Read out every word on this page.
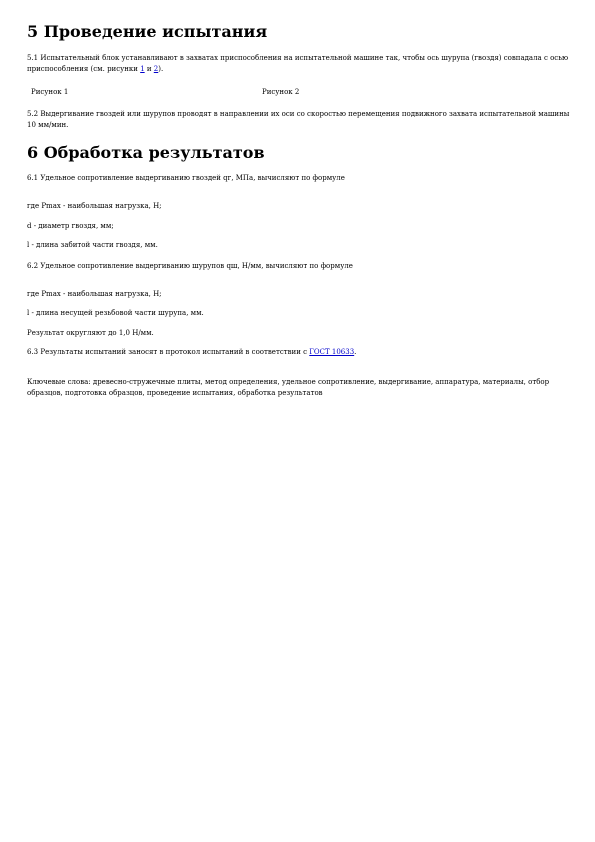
5 Проведение испытания

5.1 Испытательный блок устанавливают в захватах приспособления на испытательной машине так, чтобы ось шурупа (гвоздя) совпадала с осью приспособления (см. рисунки 1 и 2).

Рисунок 1	Рисунок 2

5.2 Выдергивание гвоздей или шурупов проводят в направлении их оси со скоростью перемещения подвижного захвата испытательной машины 10 мм/мин.

6 Обработка результатов

6.1 Удельное сопротивление выдергиванию гвоздей qг, МПа, вычисляют по формуле

где Pmax - наибольшая нагрузка, Н;

d - диаметр гвоздя, мм;

l - длина забитой части гвоздя, мм.

6.2 Удельное сопротивление выдергиванию шурупов qш, Н/мм, вычисляют по формуле

где Pmax - наибольшая нагрузка, Н;

l - длина несущей резьбовой части шурупа, мм.

Результат округляют до 1,0 Н/мм.

6.3 Результаты испытаний заносят в протокол испытаний в соответствии с ГОСТ 10633.

Ключевые слова: древесно-стружечные плиты, метод определения, удельное сопротивление, выдергивание, аппаратура, материалы, отбор образцов, подготовка образцов, проведение испытания, обработка результатов
